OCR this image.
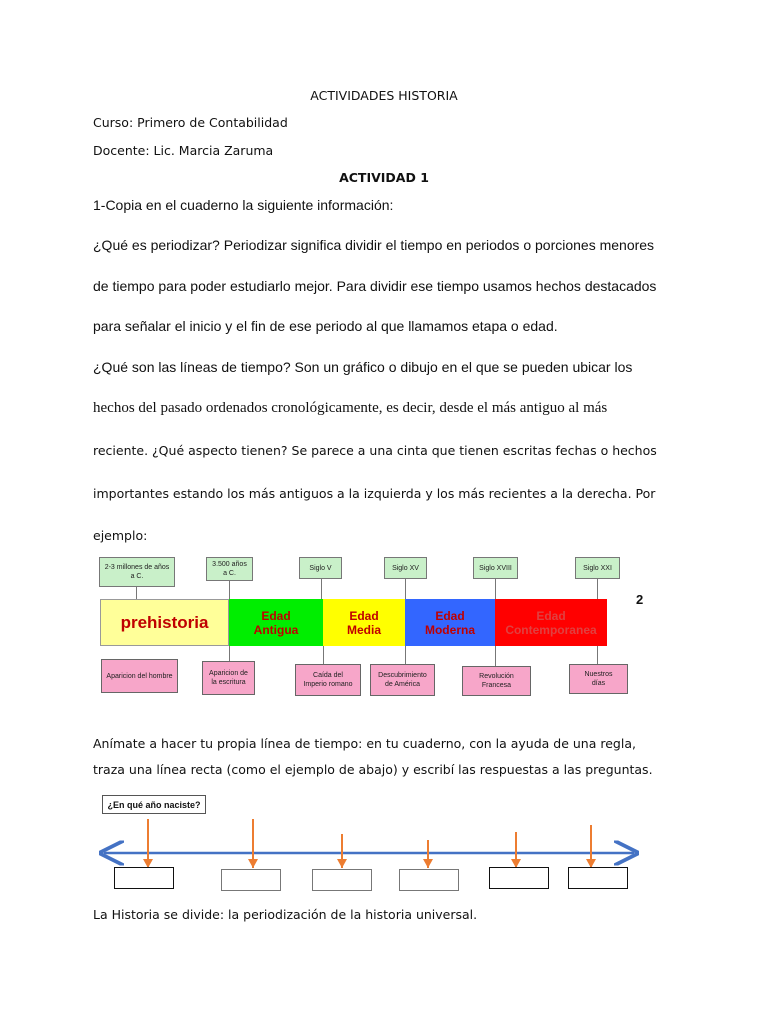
ACTIVIDADES HISTORIA
Curso: Primero de Contabilidad
Docente: Lic. Marcia Zaruma
ACTIVIDAD 1
1-Copia en el cuaderno la siguiente información:
¿Qué es periodizar? Periodizar significa dividir el tiempo en periodos o porciones menores
de tiempo para poder estudiarlo mejor. Para dividir ese tiempo usamos hechos destacados
para señalar el inicio y el fin de ese periodo al que llamamos etapa o edad.
¿Qué son las líneas de tiempo? Son un gráfico o dibujo en el que se pueden ubicar los
hechos del pasado ordenados cronológicamente, es decir, desde el más antiguo al más
reciente. ¿Qué aspecto tienen? Se parece a una cinta que tienen escritas fechas o hechos
importantes estando los más antiguos a la izquierda y los más recientes a la derecha. Por
ejemplo:
2-3 millones de años
a C.
3.500 años
a C.
Siglo V	Siglo XV	Siglo XVIII	Siglo XXI
prehistoria	Edad
Antigua
Edad
Media
Edad
Moderna
Edad
Contemporanea
2
Aparicion del hombre	Aparicion de
la escritura
Caída del
Imperio romano
Descubrimiento
de América
Revolución
Francesa
Nuestros
días
Anímate a hacer tu propia línea de tiempo: en tu cuaderno, con la ayuda de una regla,
traza una línea recta (como el ejemplo de abajo) y escribí las respuestas a las preguntas.
¿En qué año naciste?
La Historia se divide: la periodización de la historia universal.
